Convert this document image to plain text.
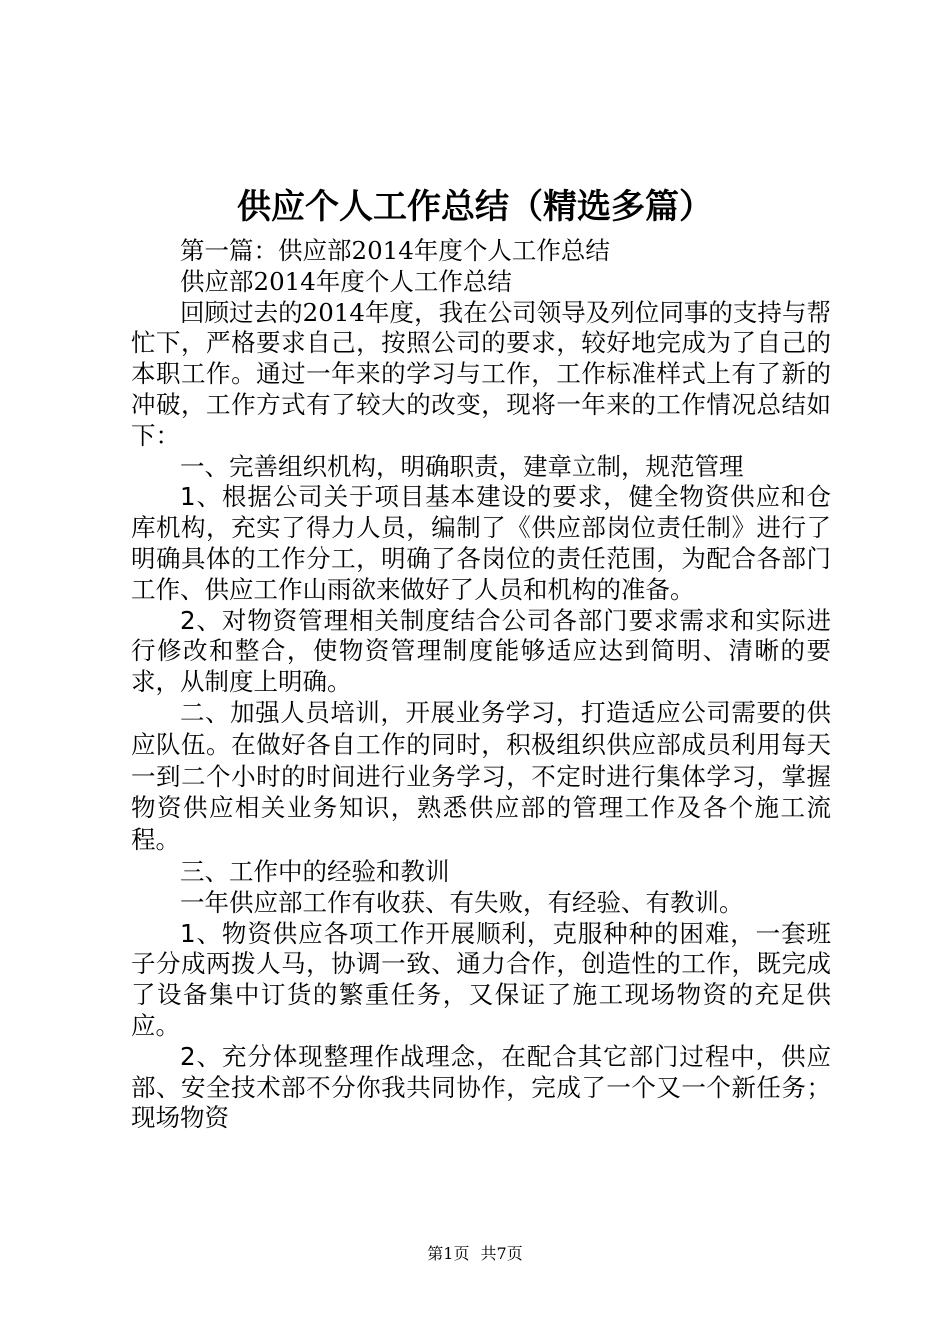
供应个人工作总结（精选多篇）

第一篇：供应部2014年度个人工作总结

供应部2014年度个人工作总结

回顾过去的2014年度，我在公司领导及列位同事的支持与帮忙下，严格要求自己，按照公司的要求，较好地完成为了自己的本职工作。通过一年来的学习与工作，工作标准样式上有了新的冲破，工作方式有了较大的改变，现将一年来的工作情况总结如下：

一、完善组织机构，明确职责，建章立制，规范管理

1、根据公司关于项目基本建设的要求，健全物资供应和仓库机构，充实了得力人员，编制了《供应部岗位责任制》进行了明确具体的工作分工，明确了各岗位的责任范围，为配合各部门工作、供应工作山雨欲来做好了人员和机构的准备。

2、对物资管理相关制度结合公司各部门要求需求和实际进行修改和整合，使物资管理制度能够适应达到简明、清晰的要求，从制度上明确。

二、加强人员培训，开展业务学习，打造适应公司需要的供应队伍。在做好各自工作的同时，积极组织供应部成员利用每天一到二个小时的时间进行业务学习，不定时进行集体学习，掌握物资供应相关业务知识，熟悉供应部的管理工作及各个施工流程。

三、工作中的经验和教训

一年供应部工作有收获、有失败，有经验、有教训。

1、物资供应各项工作开展顺利，克服种种的困难，一套班子分成两拨人马，协调一致、通力合作，创造性的工作，既完成了设备集中订货的繁重任务，又保证了施工现场物资的充足供应。

2、充分体现整理作战理念，在配合其它部门过程中，供应部、安全技术部不分你我共同协作，完成了一个又一个新任务；现场物资

第1页 共7页
